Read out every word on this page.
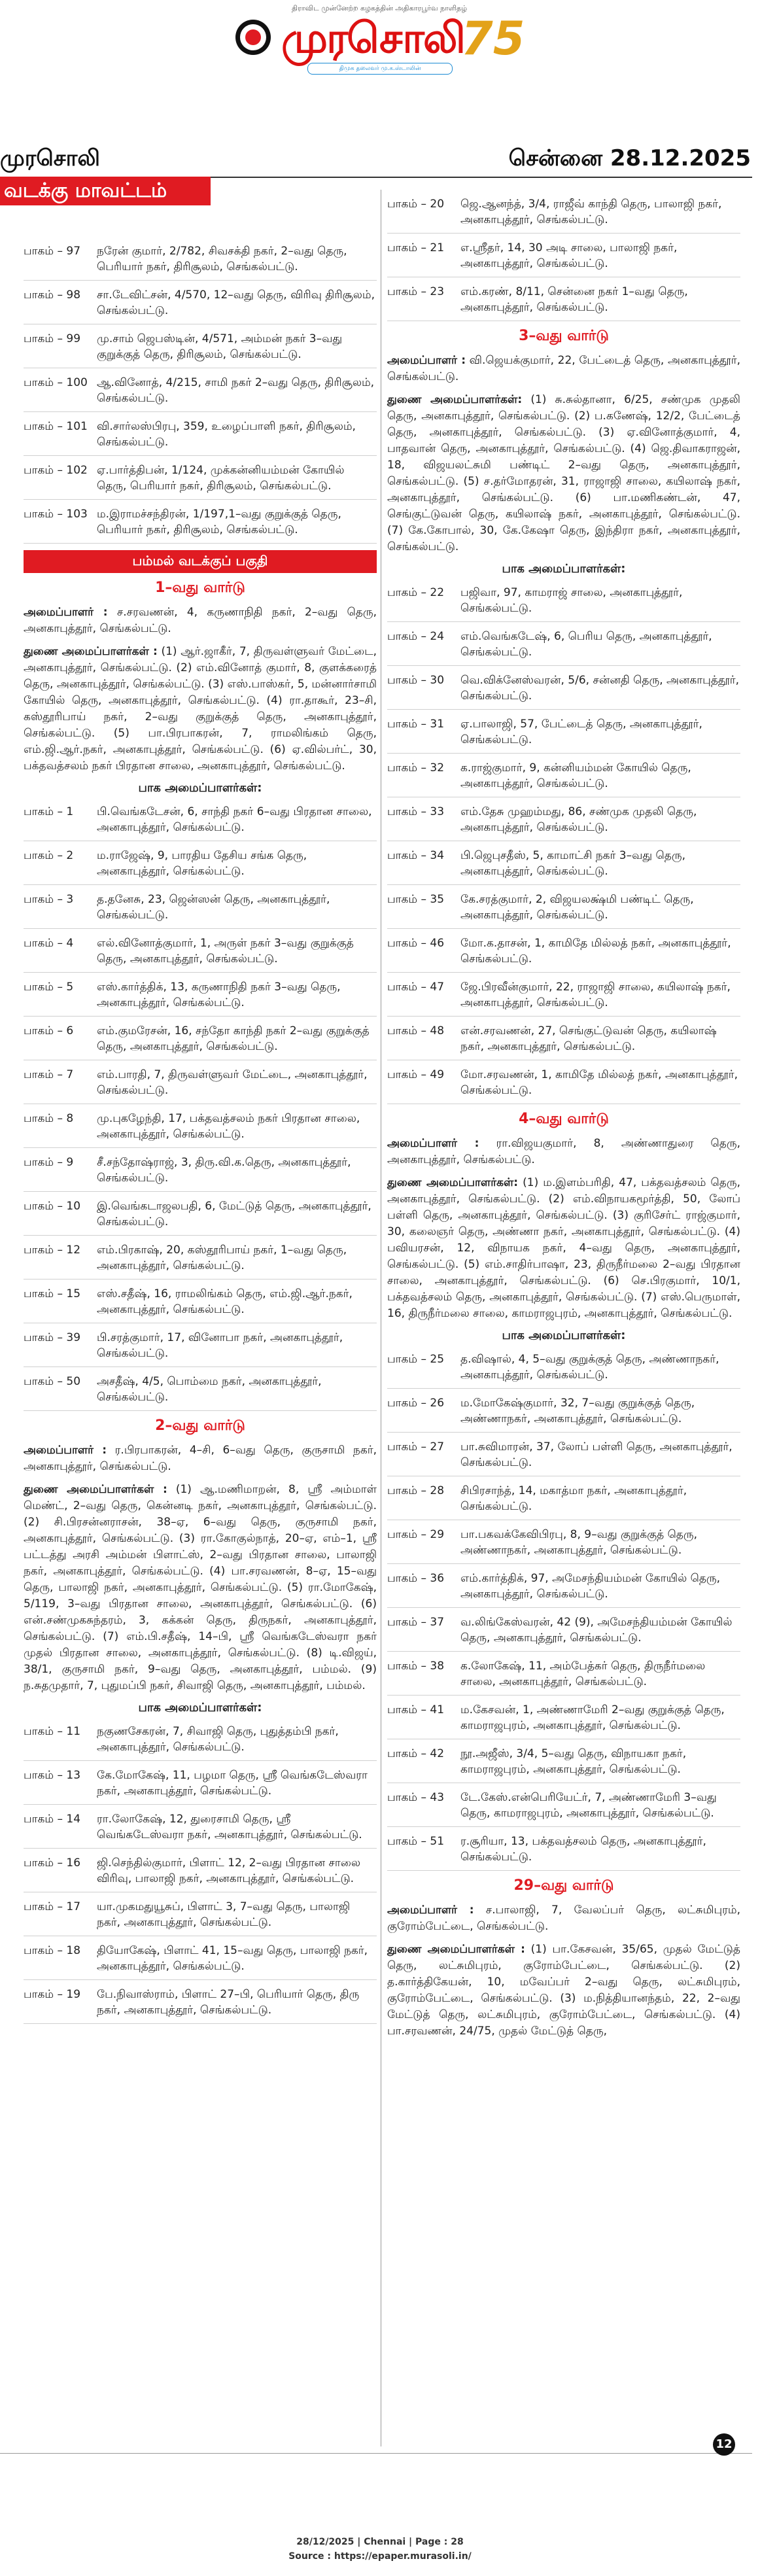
திராவிட முன்னேற்ற கழகத்தின் அதிகாரபூர்வ நாளிதழ்
முரசொலி
திமுக தலைவர் மு.க.ஸ்டாலின்
75
முரசொலி	சென்னை 28.12.2025
வடக்கு மாவட்டம்
பாகம் – 97	நரேன் குமார், 2/782, சிவசக்தி நகர், 2–வது தெரு, பெரியார் நகர், திரிசூலம், செங்கல்பட்டு.
பாகம் – 98	சா.டேவிட்சன், 4/570, 12–வது தெரு, விரிவு திரிசூலம், செங்கல்பட்டு.
பாகம் – 99	மு.சாம் ஜெபஸ்டின், 4/571, அம்மன் நகர் 3–வது குறுக்குத் தெரு, திரிசூலம், செங்கல்பட்டு.
பாகம் – 100 ஆ.வினோத், 4/215, சாமி நகர் 2–வது தெரு, திரிசூலம், செங்கல்பட்டு.
பாகம் – 101 வி.சார்லஸ்பிரபு, 359, உழைப்பாளி நகர், திரிசூலம், செங்கல்பட்டு.
பாகம் – 102 ஏ.பார்த்திபன், 1/124, முக்கன்னியம்மன் கோயில் தெரு, பெரியார் நகர், திரிசூலம், செங்கல்பட்டு.
பாகம் – 103 ம.இராமச்சந்திரன், 1/197,1–வது குறுக்குத் தெரு, பெரியார் நகர், திரிசூலம், செங்கல்பட்டு.
பம்மல் வடக்குப் பகுதி
1–வது வார்டு

அமைப்பாளர் : ச.சரவணன், 4, கருணாநிதி நகர், 2–வது தெரு, அனகாபுத்தூர், செங்கல்பட்டு.

துணை அமைப்பாளர்கள் : (1) ஆர்.ஜாகீர், 7, திருவள்ளுவர் மேட்டை, அனகாபுத்தூர், செங்கல்பட்டு. (2) எம்.வினோத் குமார், 8, குளக்கரைத் தெரு, அனகாபுத்தூர், செங்கல்பட்டு. (3) எஸ்.பாஸ்கர், 5, மன்னார்சாமி கோயில் தெரு, அனகாபுத்தூர், செங்கல்பட்டு. (4) ரா.தாகூர், 23–சி, கஸ்தூரிபாய் நகர், 2–வது குறுக்குத் தெரு, அனகாபுத்தூர், செங்கல்பட்டு. (5) பா.பிரபாகரன், 7, ராமலிங்கம் தெரு, எம்.ஜி.ஆர்.நகர், அனகாபுத்தூர், செங்கல்பட்டு. (6) ஏ.வில்பர்ட், 30, பக்தவத்சலம் நகர் பிரதான சாலை, அனகாபுத்தூர், செங்கல்பட்டு.

பாக அமைப்பாளர்கள்:
பாகம் – 1	பி.வெங்கடேசன், 6, சாந்தி நகர் 6–வது பிரதான சாலை, அனகாபுத்தூர், செங்கல்பட்டு.
பாகம் – 2	ம.ராஜேஷ், 9, பாரதிய தேசிய சங்க தெரு, அனகாபுத்தூர், செங்கல்பட்டு.
பாகம் – 3	த.தனேசு, 23, ஜென்ஸன் தெரு, அனகாபுத்தூர், செங்கல்பட்டு.
பாகம் – 4	எல்.வினோத்குமார், 1, அருள் நகர் 3–வது குறுக்குத் தெரு, அனகாபுத்தூர், செங்கல்பட்டு.
பாகம் – 5	எஸ்.கார்த்திக், 13, கருணாநிதி நகர் 3–வது தெரு, அனகாபுத்தூர், செங்கல்பட்டு.
பாகம் – 6	எம்.குமரேசன், 16, சந்தோ காந்தி நகர் 2–வது குறுக்குத் தெரு, அனகாபுத்தூர், செங்கல்பட்டு.
பாகம் – 7	எம்.பாரதி, 7, திருவள்ளுவர் மேட்டை, அனகாபுத்தூர், செங்கல்பட்டு.
பாகம் – 8	மு.புகழேந்தி, 17, பக்தவத்சலம் நகர் பிரதான சாலை, அனகாபுத்தூர், செங்கல்பட்டு.
பாகம் – 9	சீ.சந்தோஷ்ராஜ், 3, திரு.வி.க.தெரு, அனகாபுத்தூர், செங்கல்பட்டு.
பாகம் – 10	இ.வெங்கடாஜலபதி, 6, மேட்டுத் தெரு, அனகாபுத்தூர், செங்கல்பட்டு.
பாகம் – 12	எம்.பிரகாஷ், 20, கஸ்தூரிபாய் நகர், 1–வது தெரு, அனகாபுத்தூர், செங்கல்பட்டு.
பாகம் – 15	எஸ்.சதீஷ், 16, ராமலிங்கம் தெரு, எம்.ஜி.ஆர்.நகர், அனகாபுத்தூர், செங்கல்பட்டு.
பாகம் – 39	பி.சரத்குமார், 17, வினோபா நகர், அனகாபுத்தூர், செங்கல்பட்டு.
பாகம் – 50	அசதீஷ், 4/5, பொம்மை நகர், அனகாபுத்தூர், செங்கல்பட்டு.
2–வது வார்டு

அமைப்பாளர் : ர.பிரபாகரன், 4–சி, 6–வது தெரு, குருசாமி நகர், அனகாபுத்தூர், செங்கல்பட்டு.

துணை அமைப்பாளர்கள் : (1) ஆ.மணிமாறன், 8, ஸ்ரீ அம்மாள் மெண்ட், 2–வது தெரு, கென்னடி நகர், அனகாபுத்தூர், செங்கல்பட்டு. (2) சி.பிரசன்னராசன், 38–ஏ, 6–வது தெரு, குருசாமி நகர், அனகாபுத்தூர், செங்கல்பட்டு. (3) ரா.கோகுல்நாத், 20–ஏ, எம்–1, ஸ்ரீ பட்டத்து அரசி அம்மன் பிளாட்ஸ், 2–வது பிரதான சாலை, பாலாஜி நகர், அனகாபுத்தூர், செங்கல்பட்டு. (4) பா.சரவணன், 8–ஏ, 15–வது தெரு, பாலாஜி நகர், அனகாபுத்தூர், செங்கல்பட்டு. (5) ரா.மோகேஷ், 5/119, 3–வது பிரதான சாலை, அனகாபுத்தூர், செங்கல்பட்டு. (6) என்.சண்முகசுந்தரம், 3, கக்கன் தெரு, திருநகர், அனகாபுத்தூர், செங்கல்பட்டு. (7) எம்.பி.சதீஷ், 14–பி, ஸ்ரீ வெங்கடேஸ்வரா நகர் முதல் பிரதான சாலை, அனகாபுத்தூர், செங்கல்பட்டு. (8) டி.விஜய், 38/1, குருசாமி நகர், 9–வது தெரு, அனகாபுத்தூர், பம்மல். (9) ந.சுதமுதார், 7, புதுமப்பி நகர், சிவாஜி தெரு, அனகாபுத்தூர், பம்மல்.

பாக அமைப்பாளர்கள்:
பாகம் – 11	நகுணசேகரன், 7, சிவாஜி தெரு, புதுத்தம்பி நகர், அனகாபுத்தூர், செங்கல்பட்டு.
பாகம் – 13	கே.மோகேஷ், 11, பழமா தெரு, ஸ்ரீ வெங்கடேஸ்வரா நகர், அனகாபுத்தூர், செங்கல்பட்டு.
பாகம் – 14	ரா.லோகேஷ், 12, துரைசாமி தெரு, ஸ்ரீ வெங்கடேஸ்வரா நகர், அனகாபுத்தூர், செங்கல்பட்டு.
பாகம் – 16	ஜி.செந்தில்குமார், பிளாட் 12, 2–வது பிரதான சாலை விரிவு, பாலாஜி நகர், அனகாபுத்தூர், செங்கல்பட்டு.
பாகம் – 17	யா.முகமதுயூசுப், பிளாட் 3, 7–வது தெரு, பாலாஜி நகர், அனகாபுத்தூர், செங்கல்பட்டு.
பாகம் – 18	தியோகேஷ், பிளாட் 41, 15–வது தெரு, பாலாஜி நகர், அனகாபுத்தூர், செங்கல்பட்டு.
பாகம் – 19	பே.நிவாஸ்ராம், பிளாட் 27–பி, பெரியார் தெரு, திரு நகர், அனகாபுத்தூர், செங்கல்பட்டு.
பாகம் – 20	ஜெ.ஆனந்த், 3/4, ராஜீவ் காந்தி தெரு, பாலாஜி நகர், அனகாபுத்தூர், செங்கல்பட்டு.
பாகம் – 21	எ.ஸ்ரீதர், 14, 30 அடி சாலை, பாலாஜி நகர், அனகாபுத்தூர், செங்கல்பட்டு.
பாகம் – 23	எம்.கரண், 8/11, சென்னை நகர் 1–வது தெரு, அனகாபுத்தூர், செங்கல்பட்டு.
3–வது வார்டு

அமைப்பாளர் : வி.ஜெயக்குமார், 22, பேட்டைத் தெரு, அனகாபுத்தூர், செங்கல்பட்டு.

துணை அமைப்பாளர்கள்: (1) சு.சுல்தானா, 6/25, சண்முக முதலி தெரு, அனகாபுத்தூர், செங்கல்பட்டு. (2) ப.கணேஷ், 12/2, பேட்டைத் தெரு, அனகாபுத்தூர், செங்கல்பட்டு. (3) ஏ.வினோத்குமார், 4, பாதவான் தெரு, அனகாபுத்தூர், செங்கல்பட்டு. (4) ஜெ.திவாகராஜன், 18, விஜயலட்சுமி பண்டிட் 2–வது தெரு, அனகாபுத்தூர், செங்கல்பட்டு. (5) ச.தர்மோதரன், 31, ராஜாஜி சாலை, கயிலாஷ் நகர், அனகாபுத்தூர், செங்கல்பட்டு. (6) பா.மணிகண்டன், 47, செங்குட்டுவன் தெரு, கயிலாஷ் நகர், அனகாபுத்தூர், செங்கல்பட்டு. (7) கே.கோபால், 30, கே.கேஷா தெரு, இந்திரா நகர், அனகாபுத்தூர், செங்கல்பட்டு.

பாக அமைப்பாளர்கள்:
பாகம் – 22	பஜிவா, 97, காமராஜ் சாலை, அனகாபுத்தூர், செங்கல்பட்டு.
பாகம் – 24	எம்.வெங்கடேஷ், 6, பெரிய தெரு, அனகாபுத்தூர், செங்கல்பட்டு.
பாகம் – 30	வெ.விக்னேஸ்வரன், 5/6, சன்னதி தெரு, அனகாபுத்தூர், செங்கல்பட்டு.
பாகம் – 31	ஏ.பாலாஜி, 57, பேட்டைத் தெரு, அனகாபுத்தூர், செங்கல்பட்டு.
பாகம் – 32	க.ராஜ்குமார், 9, கன்னியம்மன் கோயில் தெரு, அனகாபுத்தூர், செங்கல்பட்டு.
பாகம் – 33	எம்.தேசு முஹம்மது, 86, சண்முக முதலி தெரு, அனகாபுத்தூர், செங்கல்பட்டு.
பாகம் – 34	பி.ஜெபுசதீஸ், 5, காமாட்சி நகர் 3–வது தெரு, அனகாபுத்தூர், செங்கல்பட்டு.
பாகம் – 35	கே.சரத்குமார், 2, விஜயலக்ஷ்மி பண்டிட் தெரு, அனகாபுத்தூர், செங்கல்பட்டு.
பாகம் – 46	மோ.க.தாசன், 1, காமிதே மில்லத் நகர், அனகாபுத்தூர், செங்கல்பட்டு.
பாகம் – 47	ஜே.பிரவீன்குமார், 22, ராஜாஜி சாலை, கயிலாஷ் நகர், அனகாபுத்தூர், செங்கல்பட்டு.
பாகம் – 48	என்.சரவணன், 27, செங்குட்டுவன் தெரு, கயிலாஷ் நகர், அனகாபுத்தூர், செங்கல்பட்டு.
பாகம் – 49	மோ.சரவணன், 1, காமிதே மில்லத் நகர், அனகாபுத்தூர், செங்கல்பட்டு.
4–வது வார்டு

அமைப்பாளர் : ரா.விஜயகுமார், 8, அண்ணாதுரை தெரு, அனகாபுத்தூர், செங்கல்பட்டு.

துணை அமைப்பாளர்கள்: (1) ம.இளம்பரிதி, 47, பக்தவத்சலம் தெரு, அனகாபுத்தூர், செங்கல்பட்டு. (2) எம்.விநாயகமூர்த்தி, 50, லோப் பள்ளி தெரு, அனகாபுத்தூர், செங்கல்பட்டு. (3) குரிசேர்ட் ராஜ்குமார், 30, கலைஞர் தெரு, அண்ணா நகர், அனகாபுத்தூர், செங்கல்பட்டு. (4) பவியரசன், 12, விநாயக நகர், 4–வது தெரு, அனகாபுத்தூர், செங்கல்பட்டு. (5) எம்.சாதிர்பாஷா, 23, திருநீர்மலை 2–வது பிரதான சாலை, அனகாபுத்தூர், செங்கல்பட்டு. (6) செ.பிரகுமார், 10/1, பக்தவத்சலம் தெரு, அனகாபுத்தூர், செங்கல்பட்டு. (7) எஸ்.பெருமாள், 16, திருநீர்மலை சாலை, காமராஜபுரம், அனகாபுத்தூர், செங்கல்பட்டு.

பாக அமைப்பாளர்கள்:
பாகம் – 25	த.விஷால், 4, 5–வது குறுக்குத் தெரு, அண்ணாநகர், அனகாபுத்தூர், செங்கல்பட்டு.
பாகம் – 26	ம.மோகேஷ்குமார், 32, 7–வது குறுக்குத் தெரு, அண்ணாநகர், அனகாபுத்தூர், செங்கல்பட்டு.
பாகம் – 27	பா.சுவிமாரன், 37, லோப் பள்ளி தெரு, அனகாபுத்தூர், செங்கல்பட்டு.
பாகம் – 28	சிபிரசாந்த், 14, மகாத்மா நகர், அனகாபுத்தூர், செங்கல்பட்டு.
பாகம் – 29	பா.பகவக்கேவிபிரபு, 8, 9–வது குறுக்குத் தெரு, அண்ணாநகர், அனகாபுத்தூர், செங்கல்பட்டு.
பாகம் – 36	எம்.கார்த்திக், 97, அமேசந்தியம்மன் கோயில் தெரு, அனகாபுத்தூர், செங்கல்பட்டு.
பாகம் – 37	வ.லிங்கேஸ்வரன், 42 (9), அமேசந்தியம்மன் கோயில் தெரு, அனகாபுத்தூர், செங்கல்பட்டு.
பாகம் – 38	க.லோகேஷ், 11, அம்பேத்கர் தெரு, திருநீர்மலை சாலை, அனகாபுத்தூர், செங்கல்பட்டு.
பாகம் – 41	ம.கேசவன், 1, அண்ணாமேரி 2–வது குறுக்குத் தெரு, காமராஜபுரம், அனகாபுத்தூர், செங்கல்பட்டு.
பாகம் – 42	நூ.அஜீஸ், 3/4, 5–வது தெரு, விநாயகா நகர், காமராஜபுரம், அனகாபுத்தூர், செங்கல்பட்டு.
பாகம் – 43	டே.கேஸ்.என்பெரியேட்ர், 7, அண்ணாமேரி 3–வது தெரு, காமராஜபுரம், அனகாபுத்தூர், செங்கல்பட்டு.
பாகம் – 51	ர.சூரியா, 13, பக்தவத்சலம் தெரு, அனகாபுத்தூர், செங்கல்பட்டு.
29–வது வார்டு

அமைப்பாளர் : ச.பாலாஜி, 7, வேலப்பர் தெரு, லட்சுமிபுரம், குரோம்பேட்டை, செங்கல்பட்டு.

துணை அமைப்பாளர்கள் : (1) பா.கேசவன், 35/65, முதல் மேட்டுத் தெரு, லட்சுமிபுரம், குரோம்பேட்டை, செங்கல்பட்டு. (2) த.கார்த்திகேயன், 10, மவேப்பர் 2–வது தெரு, லட்சுமிபுரம், குரோம்பேட்டை, செங்கல்பட்டு. (3) ம.நித்தியானந்தம், 22, 2–வது மேட்டுத் தெரு, லட்சுமிபுரம், குரோம்பேட்டை, செங்கல்பட்டு. (4) பா.சரவணன், 24/75, முதல் மேட்டுத் தெரு,

12
28/12/2025 | Chennai | Page : 28
Source : https://epaper.murasoli.in/
